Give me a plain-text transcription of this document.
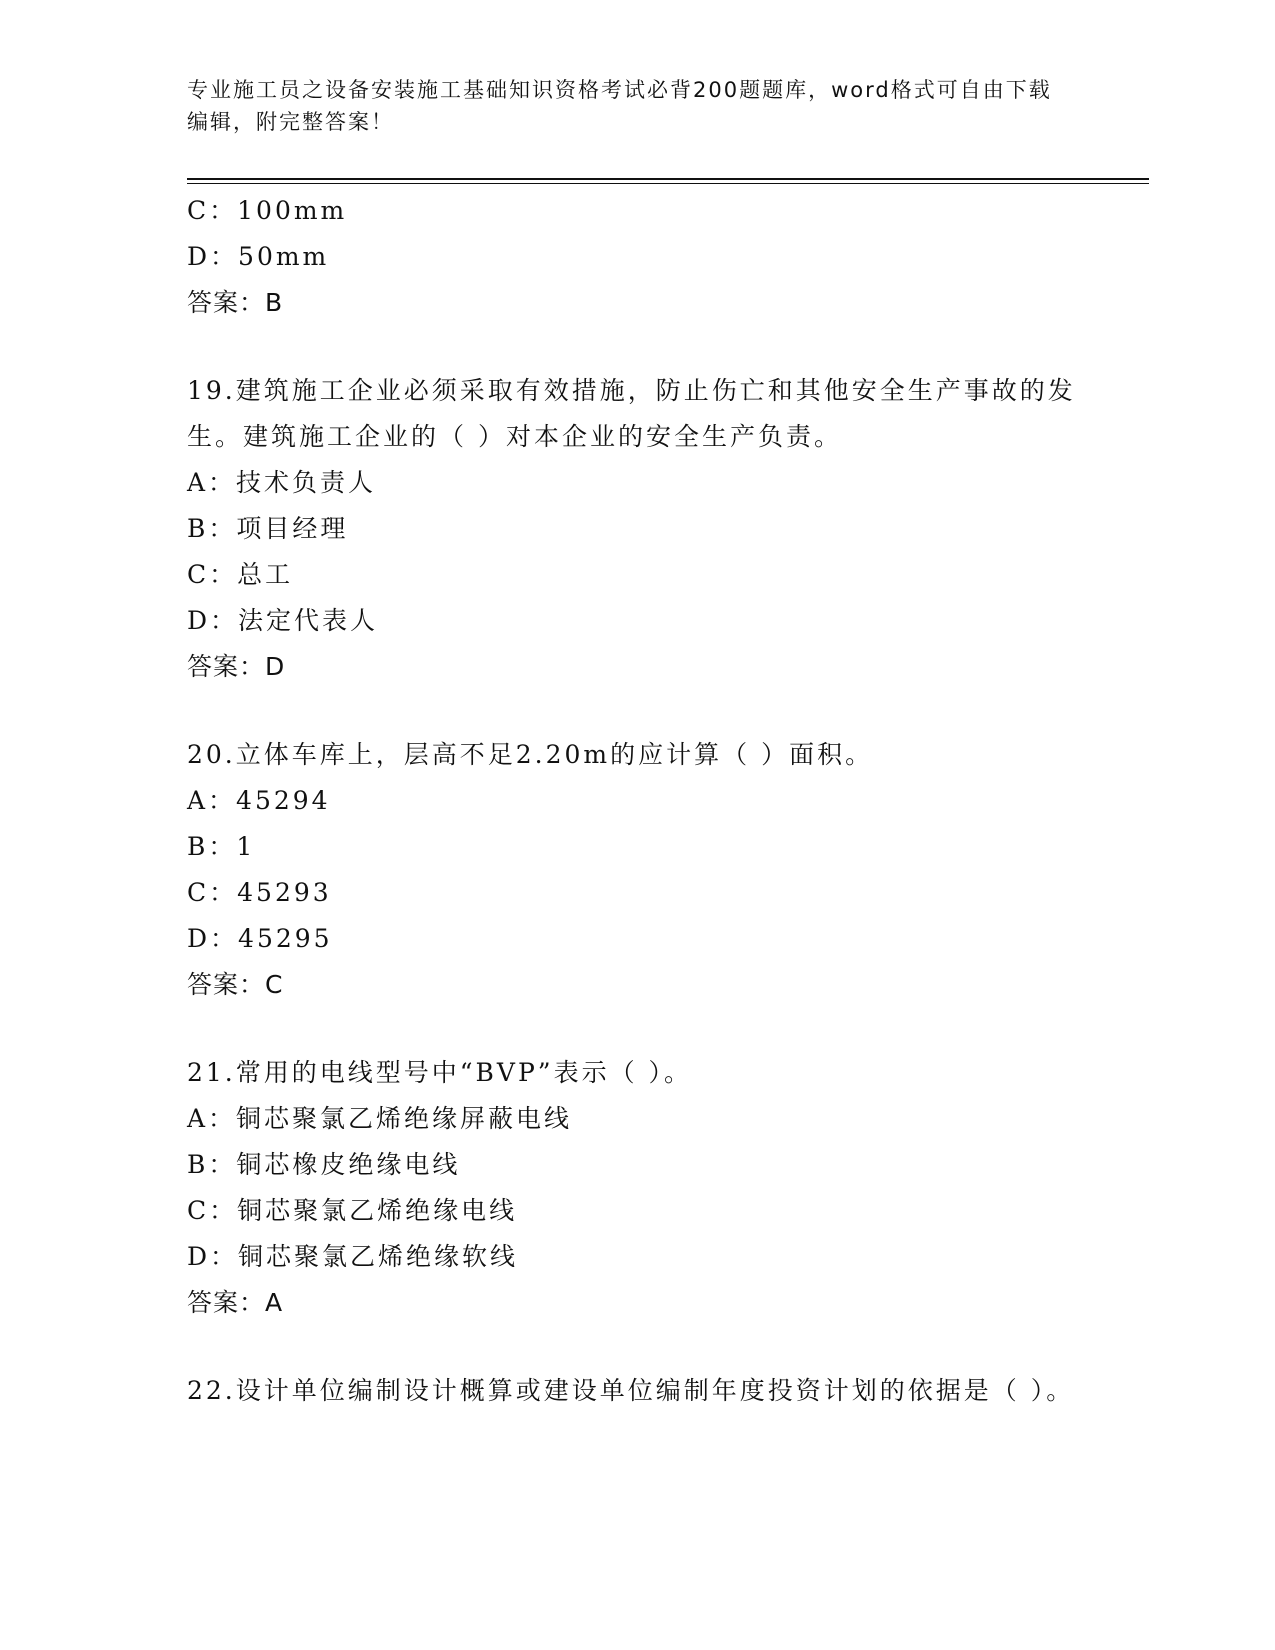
专业施工员之设备安装施工基础知识资格考试必背200题题库，word格式可自由下载编辑，附完整答案！
C：100mm
D：50mm
答案：B
19.建筑施工企业必须采取有效措施，防止伤亡和其他安全生产事故的发生。建筑施工企业的（ ）对本企业的安全生产负责。
A：技术负责人
B：项目经理
C：总工
D：法定代表人
答案：D
20.立体车库上，层高不足2.20m的应计算（ ）面积。
A：45294
B：1
C：45293
D：45295
答案：C
21.常用的电线型号中“BVP”表示（ ）。
A：铜芯聚氯乙烯绝缘屏蔽电线
B：铜芯橡皮绝缘电线
C：铜芯聚氯乙烯绝缘电线
D：铜芯聚氯乙烯绝缘软线
答案：A
22.设计单位编制设计概算或建设单位编制年度投资计划的依据是（ ）。
